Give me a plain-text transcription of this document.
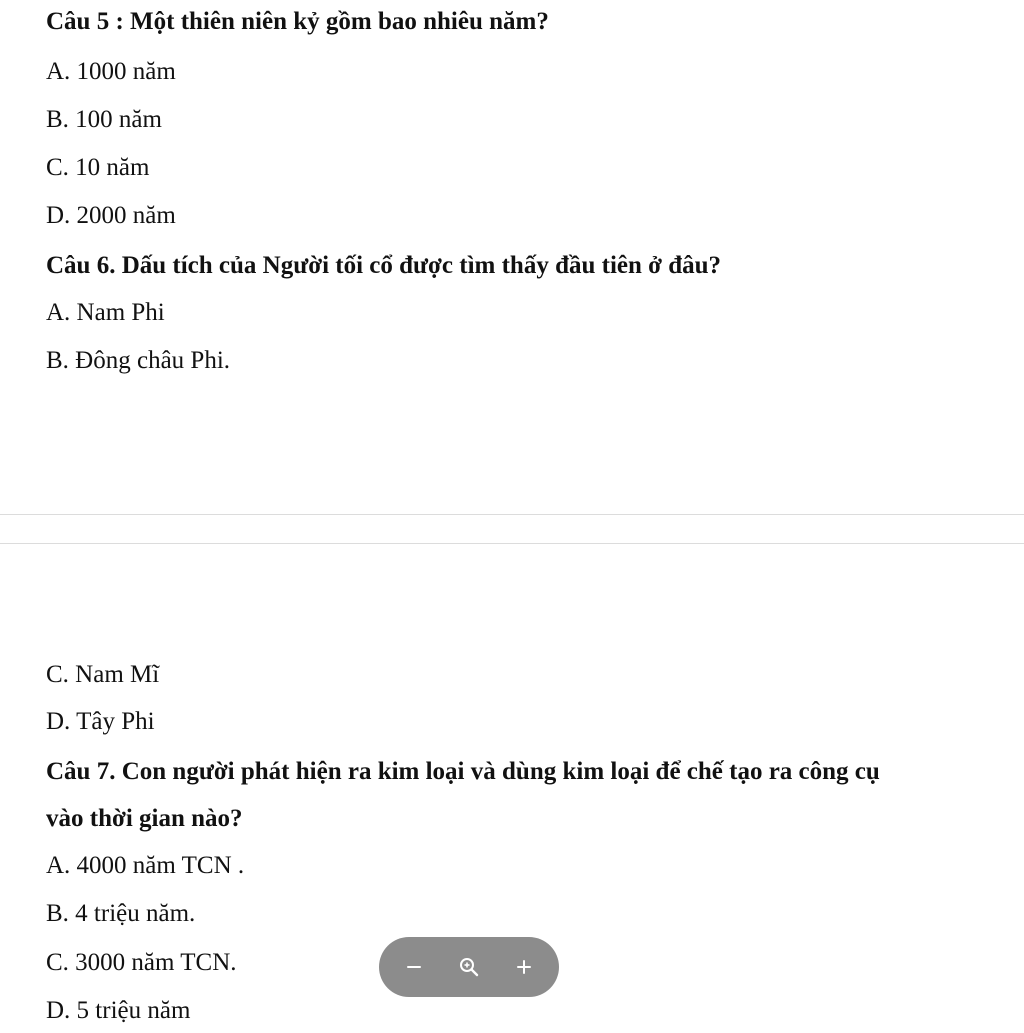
Câu 5 : Một thiên niên kỷ gồm bao nhiêu năm?
A. 1000 năm
B. 100 năm
C. 10 năm
D. 2000 năm
Câu 6. Dấu tích của Người tối cổ được tìm thấy đầu tiên ở đâu?
A. Nam Phi
B. Đông châu Phi.
C. Nam Mĩ
D. Tây Phi
Câu 7. Con người phát hiện ra kim loại và dùng kim loại để chế tạo ra công cụ
vào thời gian nào?
A. 4000 năm TCN .
B. 4 triệu năm.
C. 3000 năm TCN.
D. 5 triệu năm
